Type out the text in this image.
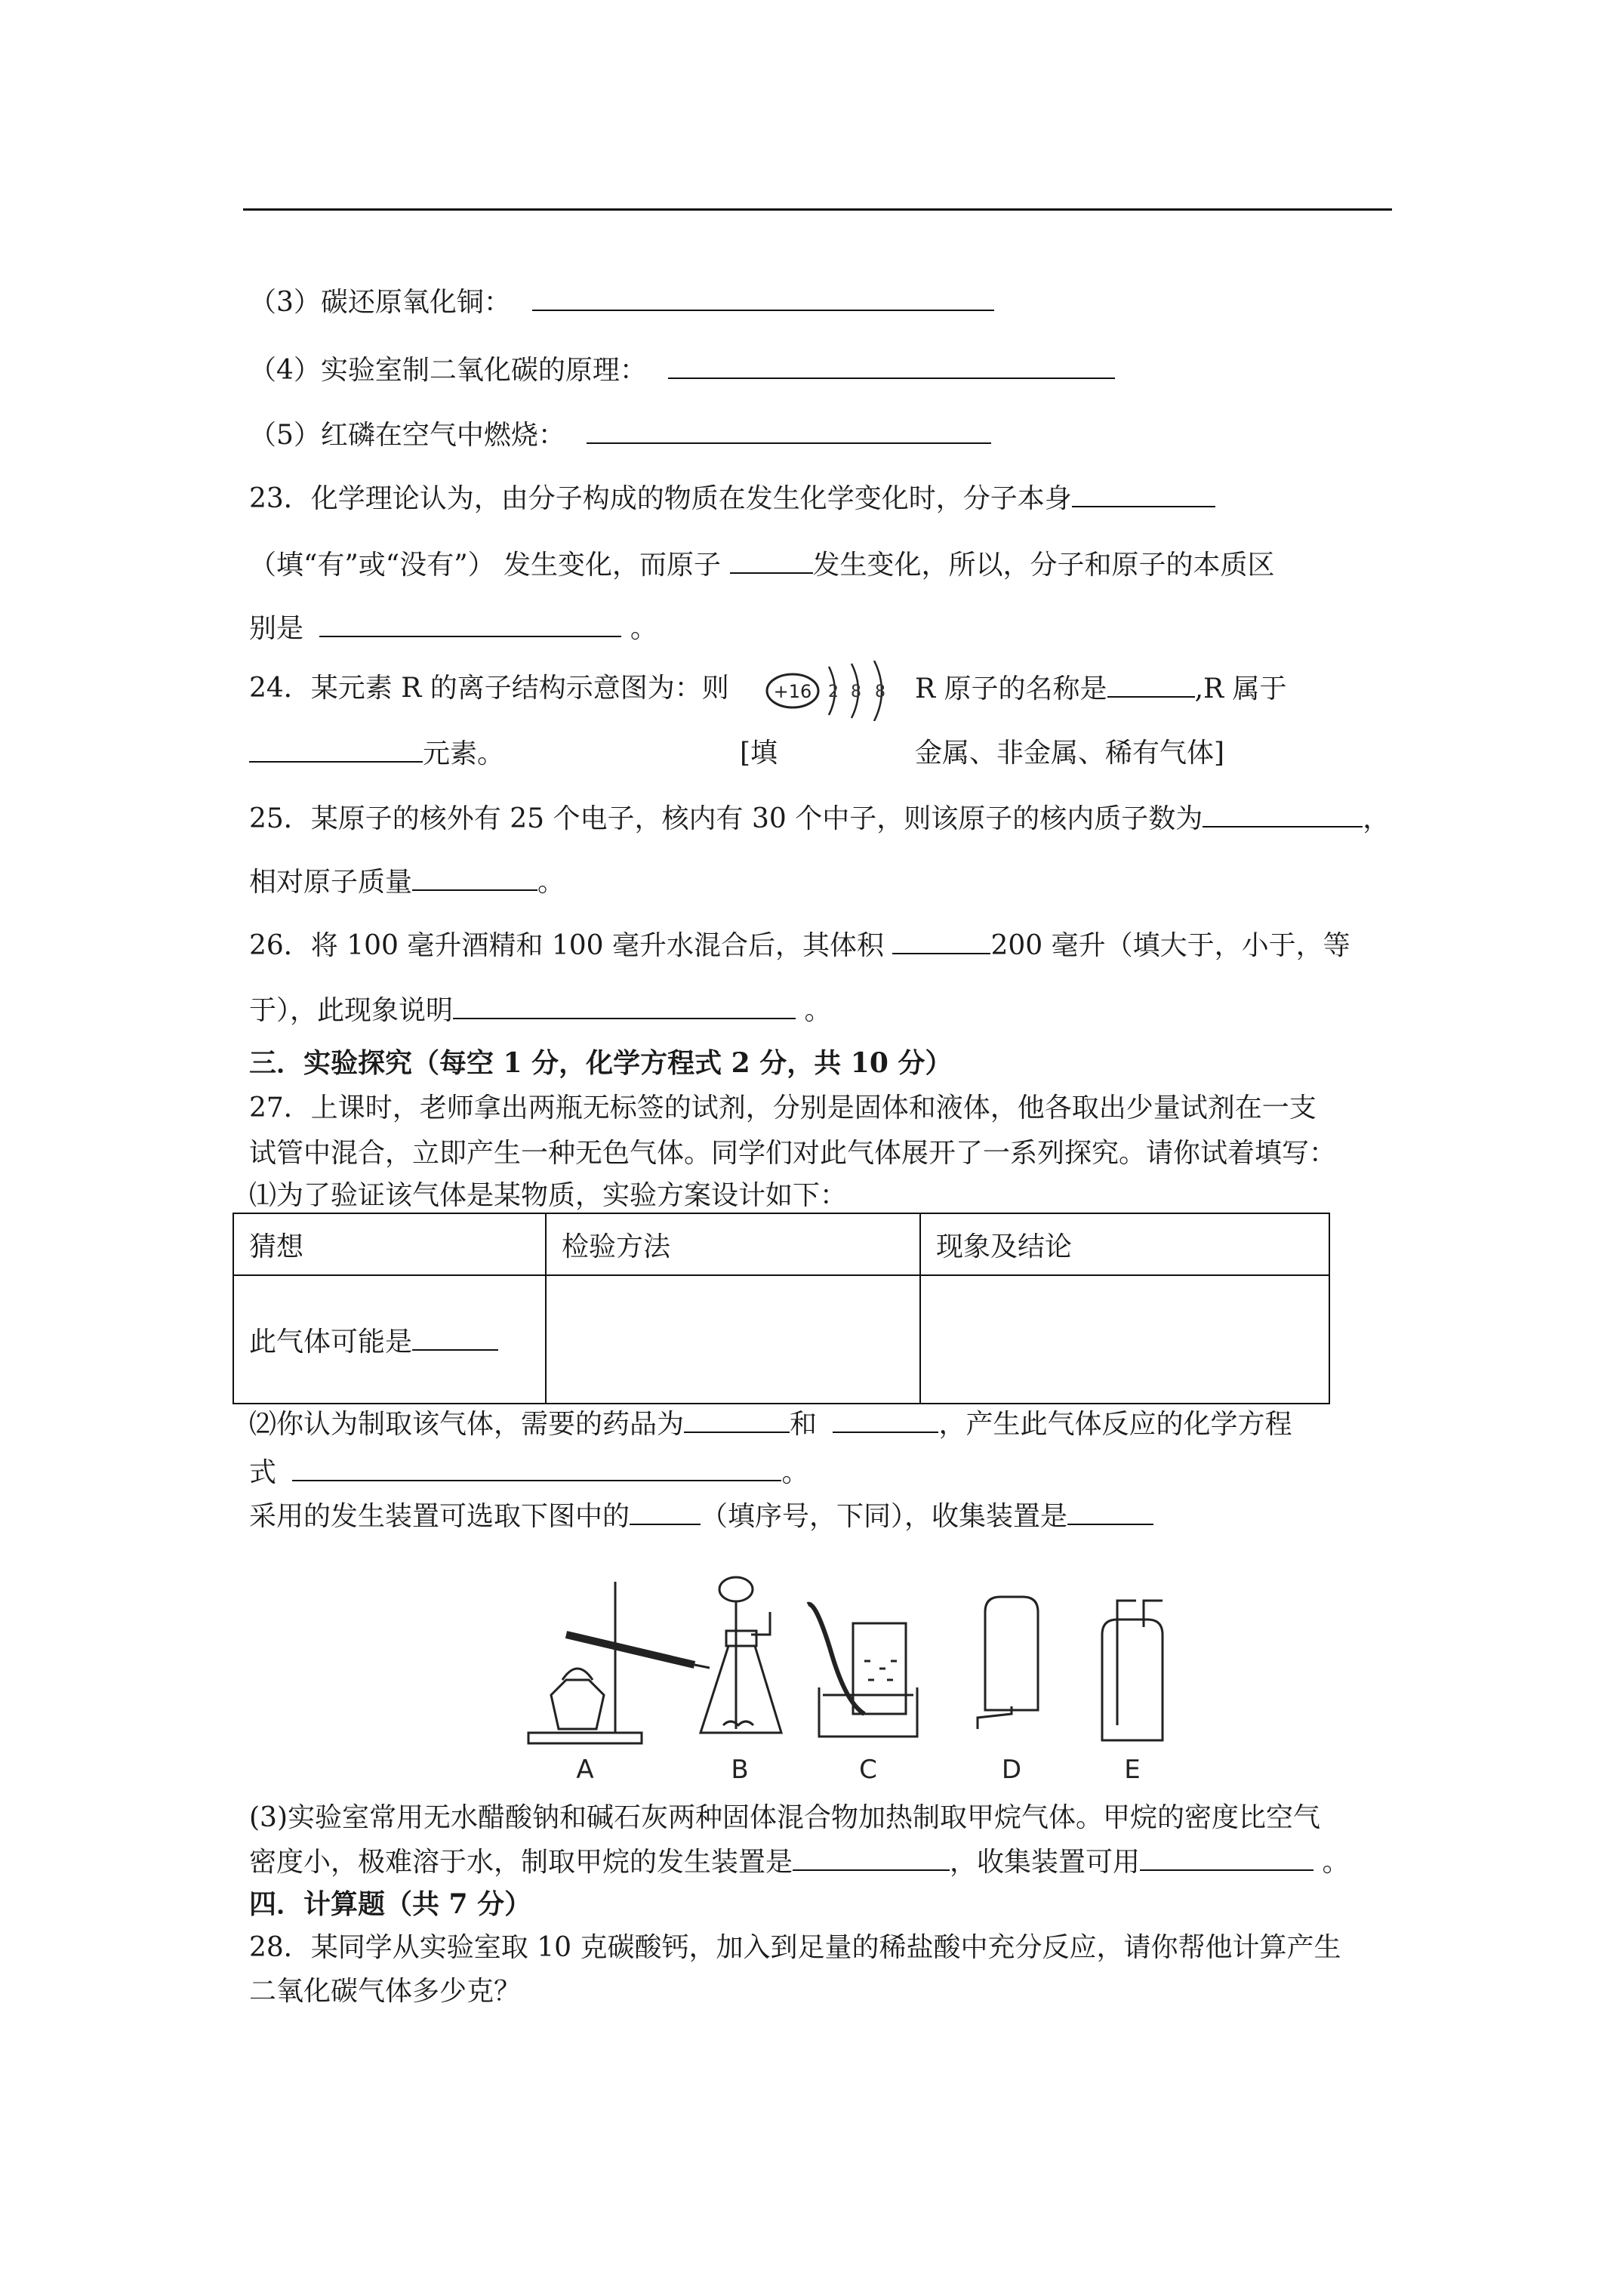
（3）碳还原氧化铜：
（4）实验室制二氧化碳的原理：
（5）红磷在空气中燃烧：
23．化学理论认为，由分子构成的物质在发生化学变化时，分子本身
（填“有”或“没有”） 发生变化，而原子	发生变化，所以，分子和原子的本质区
别是	。
24．某元素 R 的离子结构示意图为：则 +16 2 8 8 R 原子的名称是	,R 属于
元素。	[填	金属、非金属、稀有气体]
25．某原子的核外有 25 个电子，核内有 30 个中子，则该原子的核内质子数为	，
相对原子质量	。
26．将 100 毫升酒精和 100 毫升水混合后，其体积	200 毫升（填大于，小于，等
于），此现象说明	。
三．实验探究（每空 1 分，化学方程式 2 分，共 10 分）
27．上课时，老师拿出两瓶无标签的试剂，分别是固体和液体，他各取出少量试剂在一支
试管中混合，立即产生一种无色气体。同学们对此气体展开了一系列探究。请你试着填写：
⑴为了验证该气体是某物质，实验方案设计如下：
猜想	检验方法	现象及结论
此气体可能是		
⑵你认为制取该气体，需要的药品为	和	，产生此气体反应的化学方程
式	。
采用的发生装置可选取下图中的	（填序号，下同），收集装置是
A	B	C	D	E
(3)实验室常用无水醋酸钠和碱石灰两种固体混合物加热制取甲烷气体。甲烷的密度比空气
密度小，极难溶于水，制取甲烷的发生装置是	，收集装置可用	。
四．计算题（共 7 分）
28．某同学从实验室取 10 克碳酸钙，加入到足量的稀盐酸中充分反应，请你帮他计算产生
二氧化碳气体多少克？
